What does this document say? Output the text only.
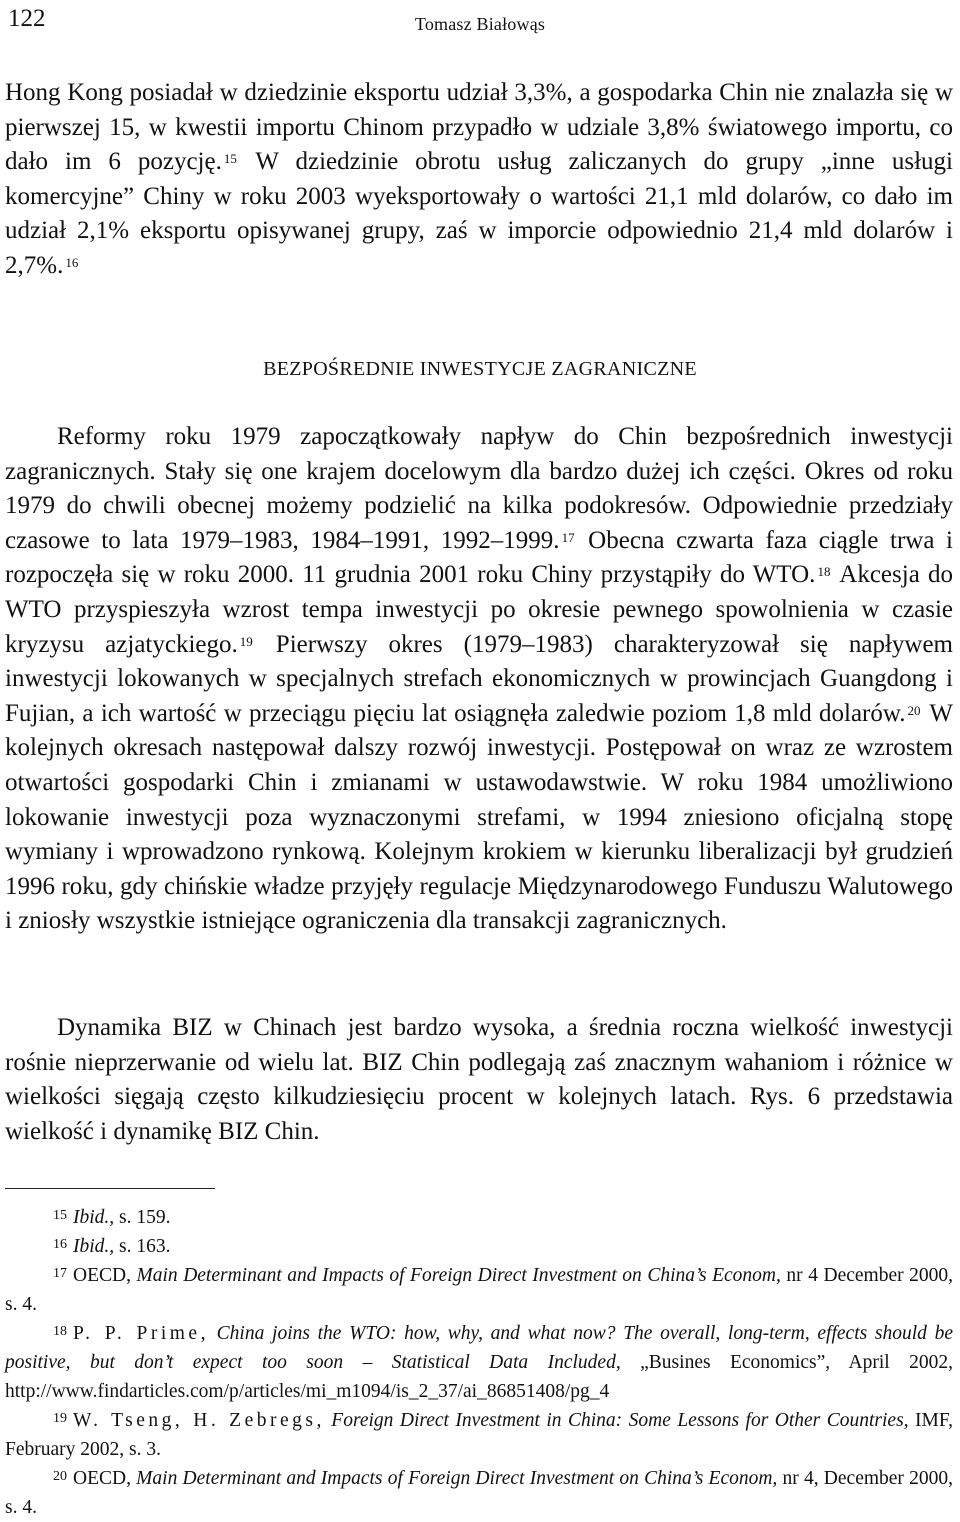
122	Tomasz Białowąs

Hong Kong posiadał w dziedzinie eksportu udział 3,3%, a gospodarka Chin nie znalazła się w pierwszej 15, w kwestii importu Chinom przypadło w udziale 3,8% światowego importu, co dało im 6 pozycję. $^{15}$ W dziedzinie obrotu usług zaliczanych do grupy „inne usługi komercyjne” Chiny w roku 2003 wyeksportowały o wartości 21,1 mld dolarów, co dało im udział 2,1% eksportu opisywanej grupy, zaś w imporcie odpowiednio 21,4 mld dolarów i 2,7%. $^{16}$

BEZPOŚREDNIE INWESTYCJE ZAGRANICZNE

Reformy roku 1979 zapoczątkowały napływ do Chin bezpośrednich inwestycji zagranicznych. Stały się one krajem docelowym dla bardzo dużej ich części. Okres od roku 1979 do chwili obecnej możemy podzielić na kilka podokresów. Odpowiednie przedziały czasowe to lata 1979–1983, 1984–1991, 1992–1999. $^{17}$ Obecna czwarta faza ciągle trwa i rozpoczęła się w roku 2000. 11 grudnia 2001 roku Chiny przystąpiły do WTO. $^{18}$ Akcesja do WTO przyspieszyła wzrost tempa inwestycji po okresie pewnego spowolnienia w czasie kryzysu azjatyckiego. $^{19}$ Pierwszy okres (1979–1983) charakteryzował się napływem inwestycji lokowanych w specjalnych strefach ekonomicznych w prowincjach Guangdong i Fujian, a ich wartość w przeciągu pięciu lat osiągnęła zaledwie poziom 1,8 mld dolarów. $^{20}$ W kolejnych okresach następował dalszy rozwój inwestycji. Postępował on wraz ze wzrostem otwartości gospodarki Chin i zmianami w ustawodawstwie. W roku 1984 umożliwiono lokowanie inwestycji poza wyznaczonymi strefami, w 1994 zniesiono oficjalną stopę wymiany i wprowadzono rynkową. Kolejnym krokiem w kierunku liberalizacji był grudzień 1996 roku, gdy chińskie władze przyjęły regulacje Międzynarodowego Funduszu Walutowego i zniosły wszystkie istniejące ograniczenia dla transakcji zagranicznych.

Dynamika BIZ w Chinach jest bardzo wysoka, a średnia roczna wielkość inwestycji rośnie nieprzerwanie od wielu lat. BIZ Chin podlegają zaś znacznym wahaniom i różnice w wielkości sięgają często kilkudziesięciu procent w kolejnych latach. Rys. 6 przedstawia wielkość i dynamikę BIZ Chin.

$^{15}$ Ibid., s. 159.

$^{16}$ Ibid., s. 163.

$^{17}$ OECD, Main Determinant and Impacts of Foreign Direct Investment on China’s Econom, nr 4 December 2000, s. 4.

$^{18}$ P. P. Prime, China joins the WTO: how, why, and what now? The overall, long-term, effects should be positive, but don’t expect too soon – Statistical Data Included, „Busines Economics”, April 2002, http://www.findarticles.com/p/articles/mi_m1094/is_2_37/ai_86851408/pg_4

$^{19}$ W. Tseng, H. Zebregs, Foreign Direct Investment in China: Some Lessons for Other Countries, IMF, February 2002, s. 3.

$^{20}$ OECD, Main Determinant and Impacts of Foreign Direct Investment on China’s Econom, nr 4, December 2000, s. 4.
